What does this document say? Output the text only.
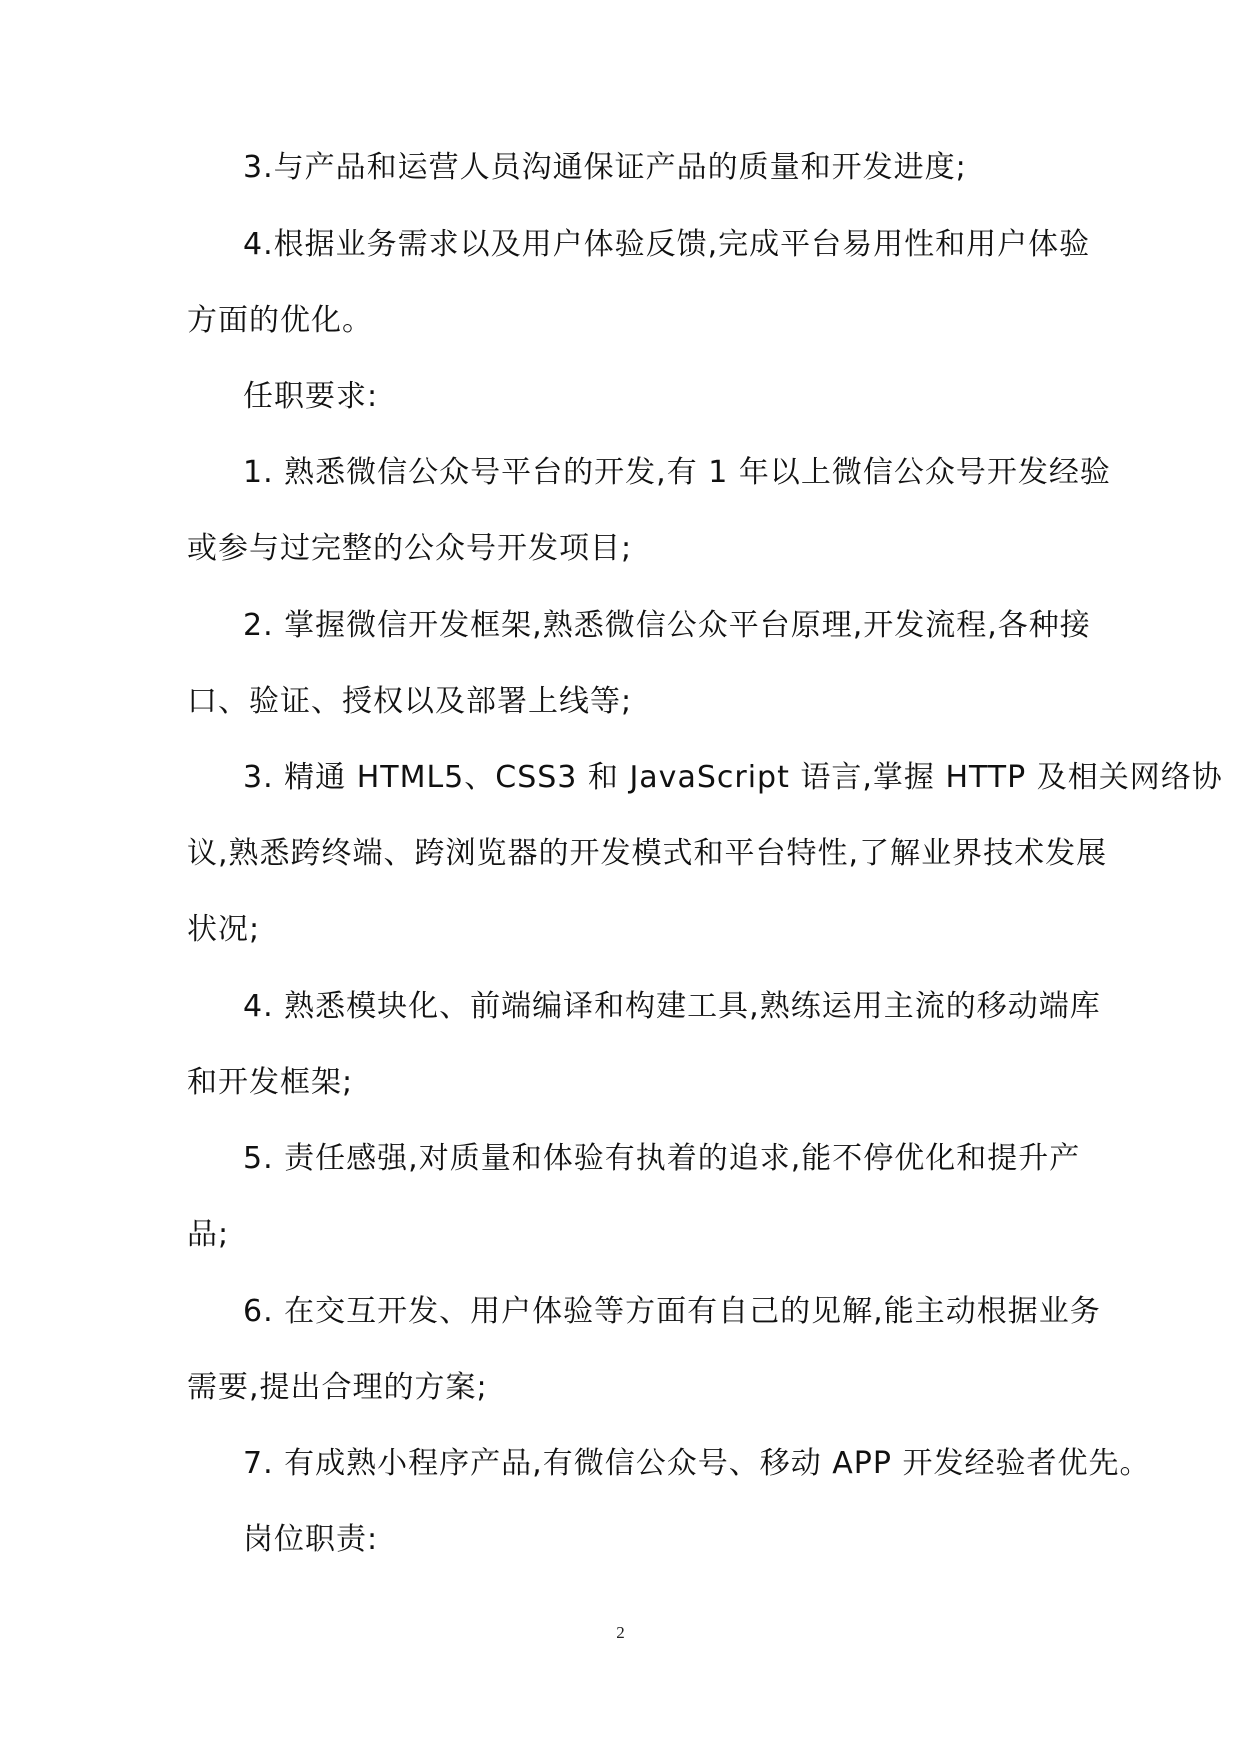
3.与产品和运营人员沟通保证产品的质量和开发进度;
4.根据业务需求以及用户体验反馈,完成平台易用性和用户体验
方面的优化。
任职要求:
1. 熟悉微信公众号平台的开发,有 1 年以上微信公众号开发经验
或参与过完整的公众号开发项目;
2. 掌握微信开发框架,熟悉微信公众平台原理,开发流程,各种接
口、验证、授权以及部署上线等;
3. 精通 HTML5、CSS3 和 JavaScript 语言,掌握 HTTP 及相关网络协
议,熟悉跨终端、跨浏览器的开发模式和平台特性,了解业界技术发展
状况;
4. 熟悉模块化、前端编译和构建工具,熟练运用主流的移动端库
和开发框架;
5. 责任感强,对质量和体验有执着的追求,能不停优化和提升产
品;
6. 在交互开发、用户体验等方面有自己的见解,能主动根据业务
需要,提出合理的方案;
7. 有成熟小程序产品,有微信公众号、移动 APP 开发经验者优先。
岗位职责:
2
